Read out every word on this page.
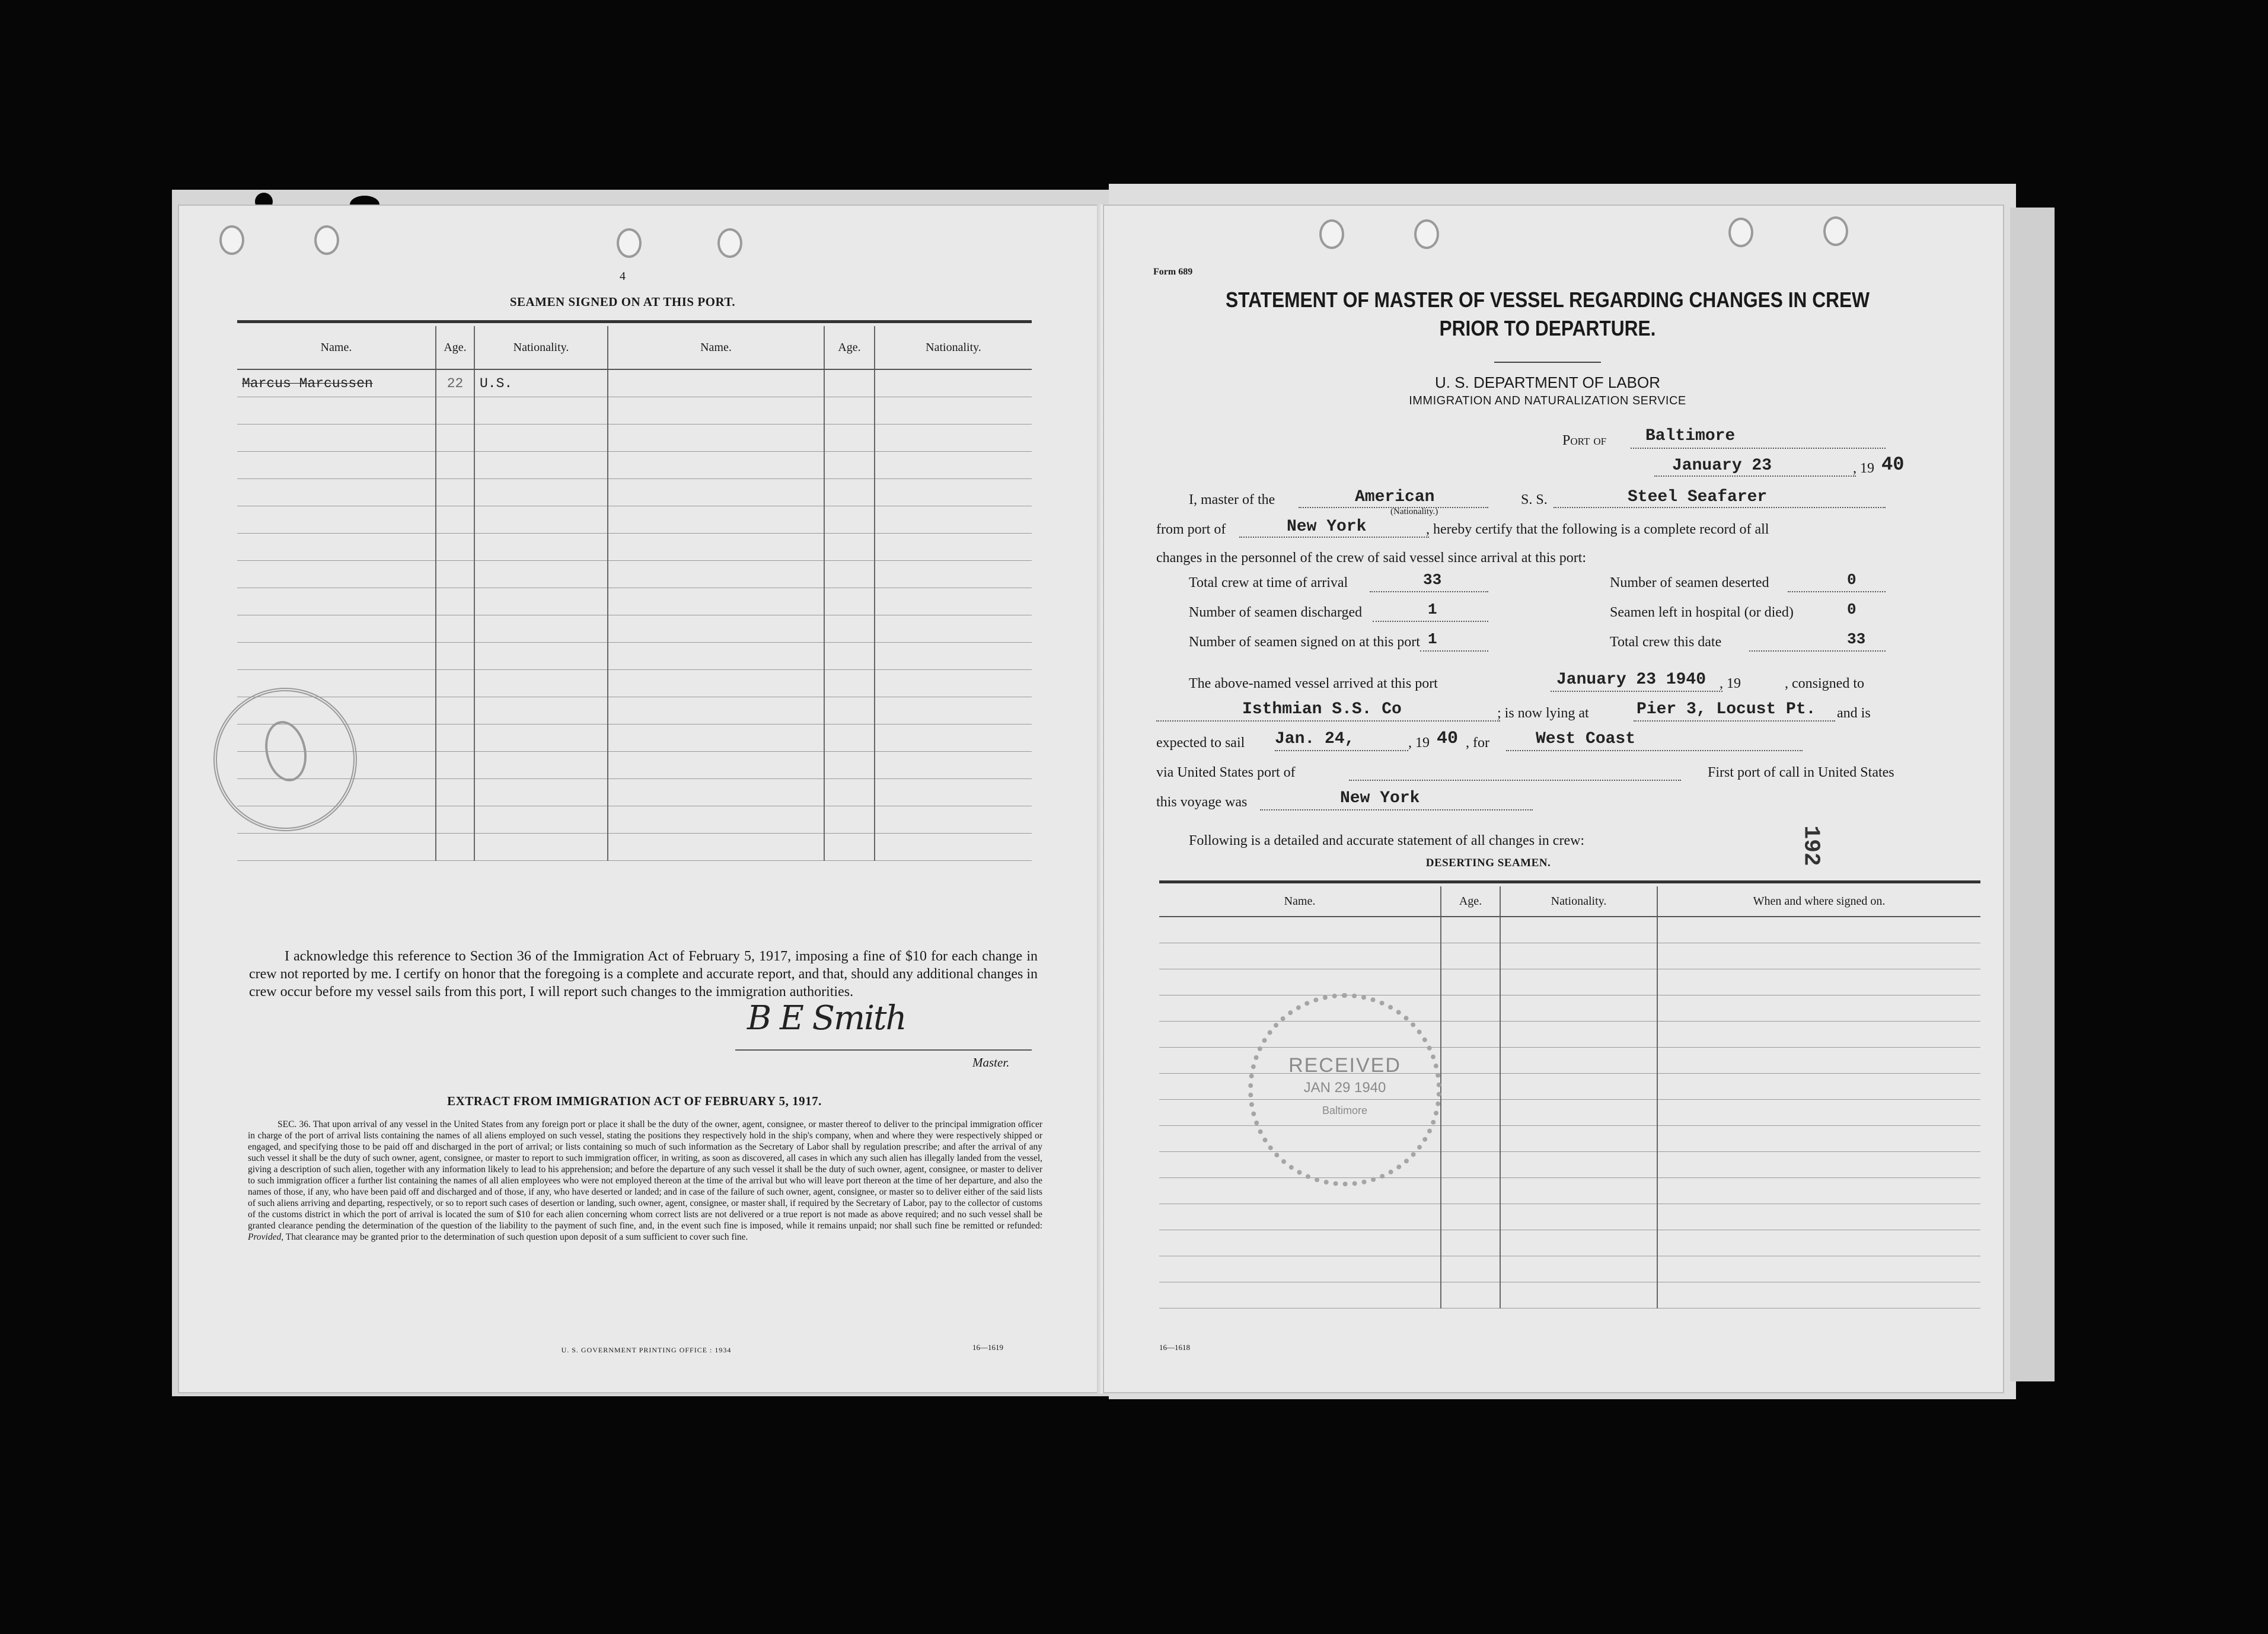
4
SEAMEN SIGNED ON AT THIS PORT.
Name.	Age.	Nationality.	Name.	Age.	Nationality.
Marcus Marcussen	22	U.S.			

I acknowledge this reference to Section 36 of the Immigration Act of February 5, 1917, imposing a fine of $10 for each change in crew not reported by me. I certify on honor that the foregoing is a complete and accurate report, and that, should any additional changes in crew occur before my vessel sails from this port, I will report such changes to the immigration authorities.
B E Smith
Master.
EXTRACT FROM IMMIGRATION ACT OF FEBRUARY 5, 1917.
SEC. 36. That upon arrival of any vessel in the United States from any foreign port or place it shall be the duty of the owner, agent, consignee, or master thereof to deliver to the principal immigration officer in charge of the port of arrival lists containing the names of all aliens employed on such vessel, stating the positions they respectively hold in the ship's company, when and where they were respectively shipped or engaged, and specifying those to be paid off and discharged in the port of arrival; or lists containing so much of such information as the Secretary of Labor shall by regulation prescribe; and after the arrival of any such vessel it shall be the duty of such owner, agent, consignee, or master to report to such immigration officer, in writing, as soon as discovered, all cases in which any such alien has illegally landed from the vessel, giving a description of such alien, together with any information likely to lead to his apprehension; and before the departure of any such vessel it shall be the duty of such owner, agent, consignee, or master to deliver to such immigration officer a further list containing the names of all alien employees who were not employed thereon at the time of the arrival but who will leave port thereon at the time of her departure, and also the names of those, if any, who have been paid off and discharged and of those, if any, who have deserted or landed; and in case of the failure of such owner, agent, consignee, or master so to deliver either of the said lists of such aliens arriving and departing, respectively, or so to report such cases of desertion or landing, such owner, agent, consignee, or master shall, if required by the Secretary of Labor, pay to the collector of customs of the customs district in which the port of arrival is located the sum of $10 for each alien concerning whom correct lists are not delivered or a true report is not made as above required; and no such vessel shall be granted clearance pending the determination of the question of the liability to the payment of such fine, and, in the event such fine is imposed, while it remains unpaid; nor shall such fine be remitted or refunded: Provided, That clearance may be granted prior to the determination of such question upon deposit of a sum sufficient to cover such fine.
U. S. GOVERNMENT PRINTING OFFICE : 1934	16—1619
Form 689
STATEMENT OF MASTER OF VESSEL REGARDING CHANGES IN CREW
PRIOR TO DEPARTURE.
U. S. DEPARTMENT OF LABOR
IMMIGRATION AND NATURALIZATION SERVICE
Port of Baltimore
January 23	, 19 40
I, master of the	American
(Nationality.)
S. S.	Steel Seafarer
from port of	New York	, hereby certify that the following is a complete record of all
changes in the personnel of the crew of said vessel since arrival at this port:
Total crew at time of arrival	33
Number of seamen discharged	1
Number of seamen signed on at this port 1
Number of seamen deserted	0
Seamen left in hospital (or died)	0
Total crew this date	33
The above-named vessel arrived at this port	January 23 1940 , 19	, consigned to
Isthmian S.S. Co	; is now lying at	Pier 3, Locust Pt. and is
expected to sail Jan. 24,	, 19 40 , for	West Coast
via United States port of	First port of call in United States
this voyage was	New York
Following is a detailed and accurate statement of all changes in crew:	192
DESERTING SEAMEN.
Name.	Age.	Nationality.	When and where signed on.

RECEIVED
JAN 29 1940
Baltimore
16—1618
